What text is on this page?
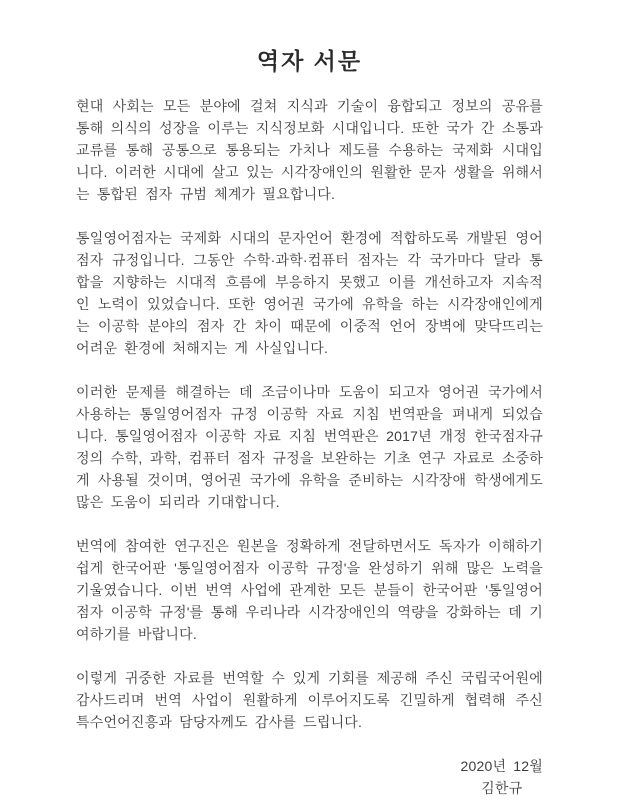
역자 서문

현대 사회는 모든 분야에 걸쳐 지식과 기술이 융합되고 정보의 공유를 통해 의식의 성장을 이루는 지식정보화 시대입니다. 또한 국가 간 소통과 교류를 통해 공통으로 통용되는 가치나 제도를 수용하는 국제화 시대입니다. 이러한 시대에 살고 있는 시각장애인의 원활한 문자 생활을 위해서는 통합된 점자 규범 체계가 필요합니다.

통일영어점자는 국제화 시대의 문자언어 환경에 적합하도록 개발된 영어점자 규정입니다. 그동안 수학·과학·컴퓨터 점자는 각 국가마다 달라 통합을 지향하는 시대적 흐름에 부응하지 못했고 이를 개선하고자 지속적인 노력이 있었습니다. 또한 영어권 국가에 유학을 하는 시각장애인에게는 이공학 분야의 점자 간 차이 때문에 이중적 언어 장벽에 맞닥뜨리는 어려운 환경에 처해지는 게 사실입니다.

이러한 문제를 해결하는 데 조금이나마 도움이 되고자 영어권 국가에서 사용하는 통일영어점자 규정 이공학 자료 지침 번역판을 펴내게 되었습니다. 통일영어점자 이공학 자료 지침 번역판은 2017년 개정 한국점자규정의 수학, 과학, 컴퓨터 점자 규정을 보완하는 기초 연구 자료로 소중하게 사용될 것이며, 영어권 국가에 유학을 준비하는 시각장애 학생에게도 많은 도움이 되리라 기대합니다.

번역에 참여한 연구진은 원본을 정확하게 전달하면서도 독자가 이해하기 쉽게 한국어판 '통일영어점자 이공학 규정'을 완성하기 위해 많은 노력을 기울였습니다. 이번 번역 사업에 관계한 모든 분들이 한국어판 '통일영어점자 이공학 규정'를 통해 우리나라 시각장애인의 역량을 강화하는 데 기여하기를 바랍니다.

이렇게 귀중한 자료를 번역할 수 있게 기회를 제공해 주신 국립국어원에 감사드리며 번역 사업이 원활하게 이루어지도록 긴밀하게 협력해 주신 특수언어진흥과 담당자께도 감사를 드립니다.

2020년 12월
김한규
